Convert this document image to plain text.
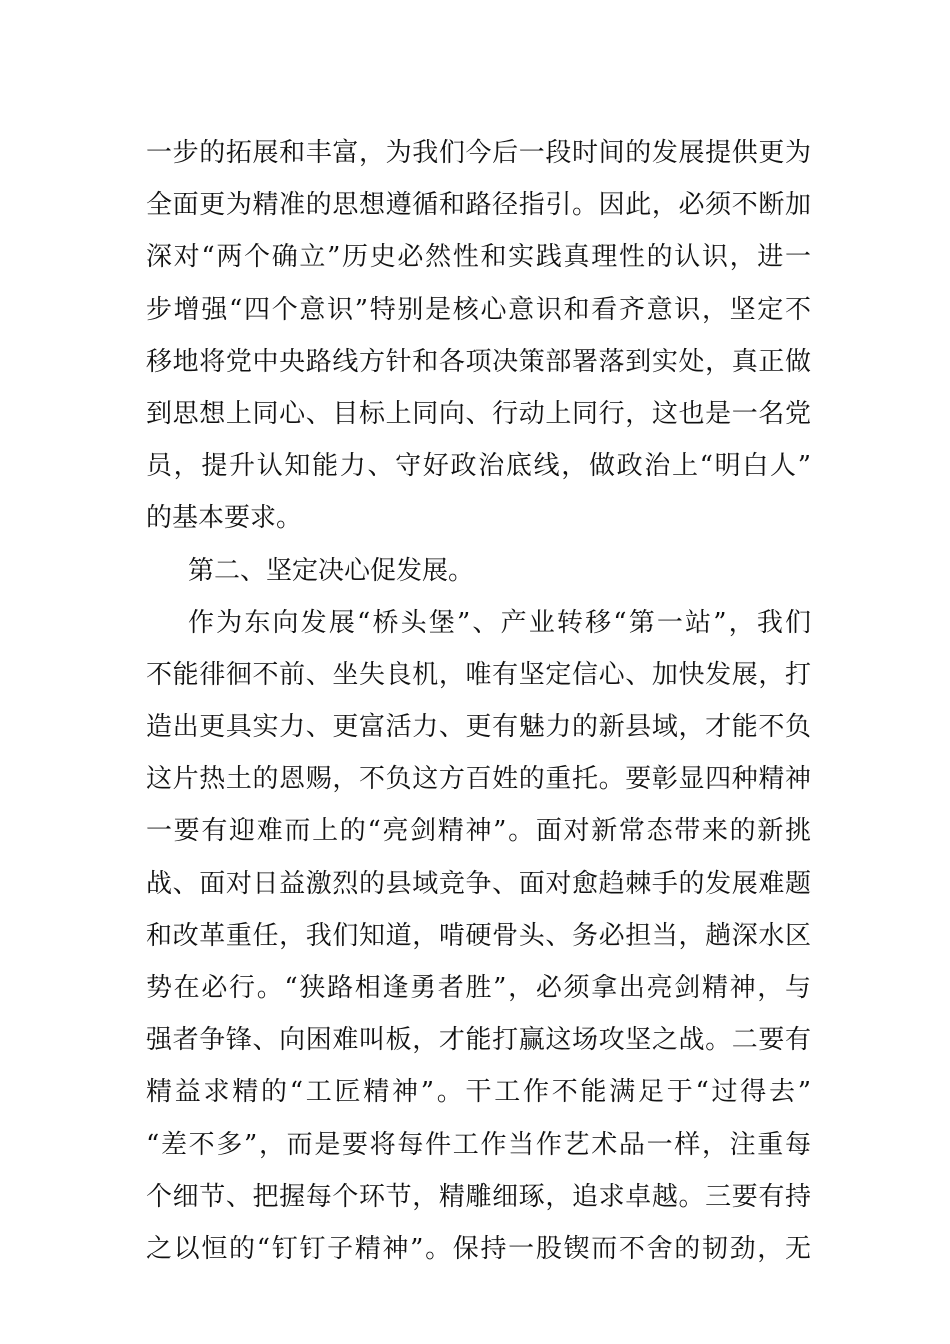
一步的拓展和丰富，为我们今后一段时间的发展提供更为
全面更为精准的思想遵循和路径指引。因此，必须不断加
深对“两个确立”历史必然性和实践真理性的认识，进一
步增强“四个意识”特别是核心意识和看齐意识，坚定不
移地将党中央路线方针和各项决策部署落到实处，真正做
到思想上同心、目标上同向、行动上同行，这也是一名党
员，提升认知能力、守好政治底线，做政治上“明白人”
的基本要求。
第二、坚定决心促发展。
作为东向发展“桥头堡”、产业转移“第一站”，我们
不能徘徊不前、坐失良机，唯有坚定信心、加快发展，打
造出更具实力、更富活力、更有魅力的新县域，才能不负
这片热土的恩赐，不负这方百姓的重托。要彰显四种精神
一要有迎难而上的“亮剑精神”。面对新常态带来的新挑
战、面对日益激烈的县域竞争、面对愈趋棘手的发展难题
和改革重任，我们知道，啃硬骨头、务必担当，趟深水区
势在必行。“狭路相逢勇者胜”，必须拿出亮剑精神，与
强者争锋、向困难叫板，才能打赢这场攻坚之战。二要有
精益求精的“工匠精神”。干工作不能满足于“过得去”
“差不多”，而是要将每件工作当作艺术品一样，注重每
个细节、把握每个环节，精雕细琢，追求卓越。三要有持
之以恒的“钉钉子精神”。保持一股锲而不舍的韧劲，无
